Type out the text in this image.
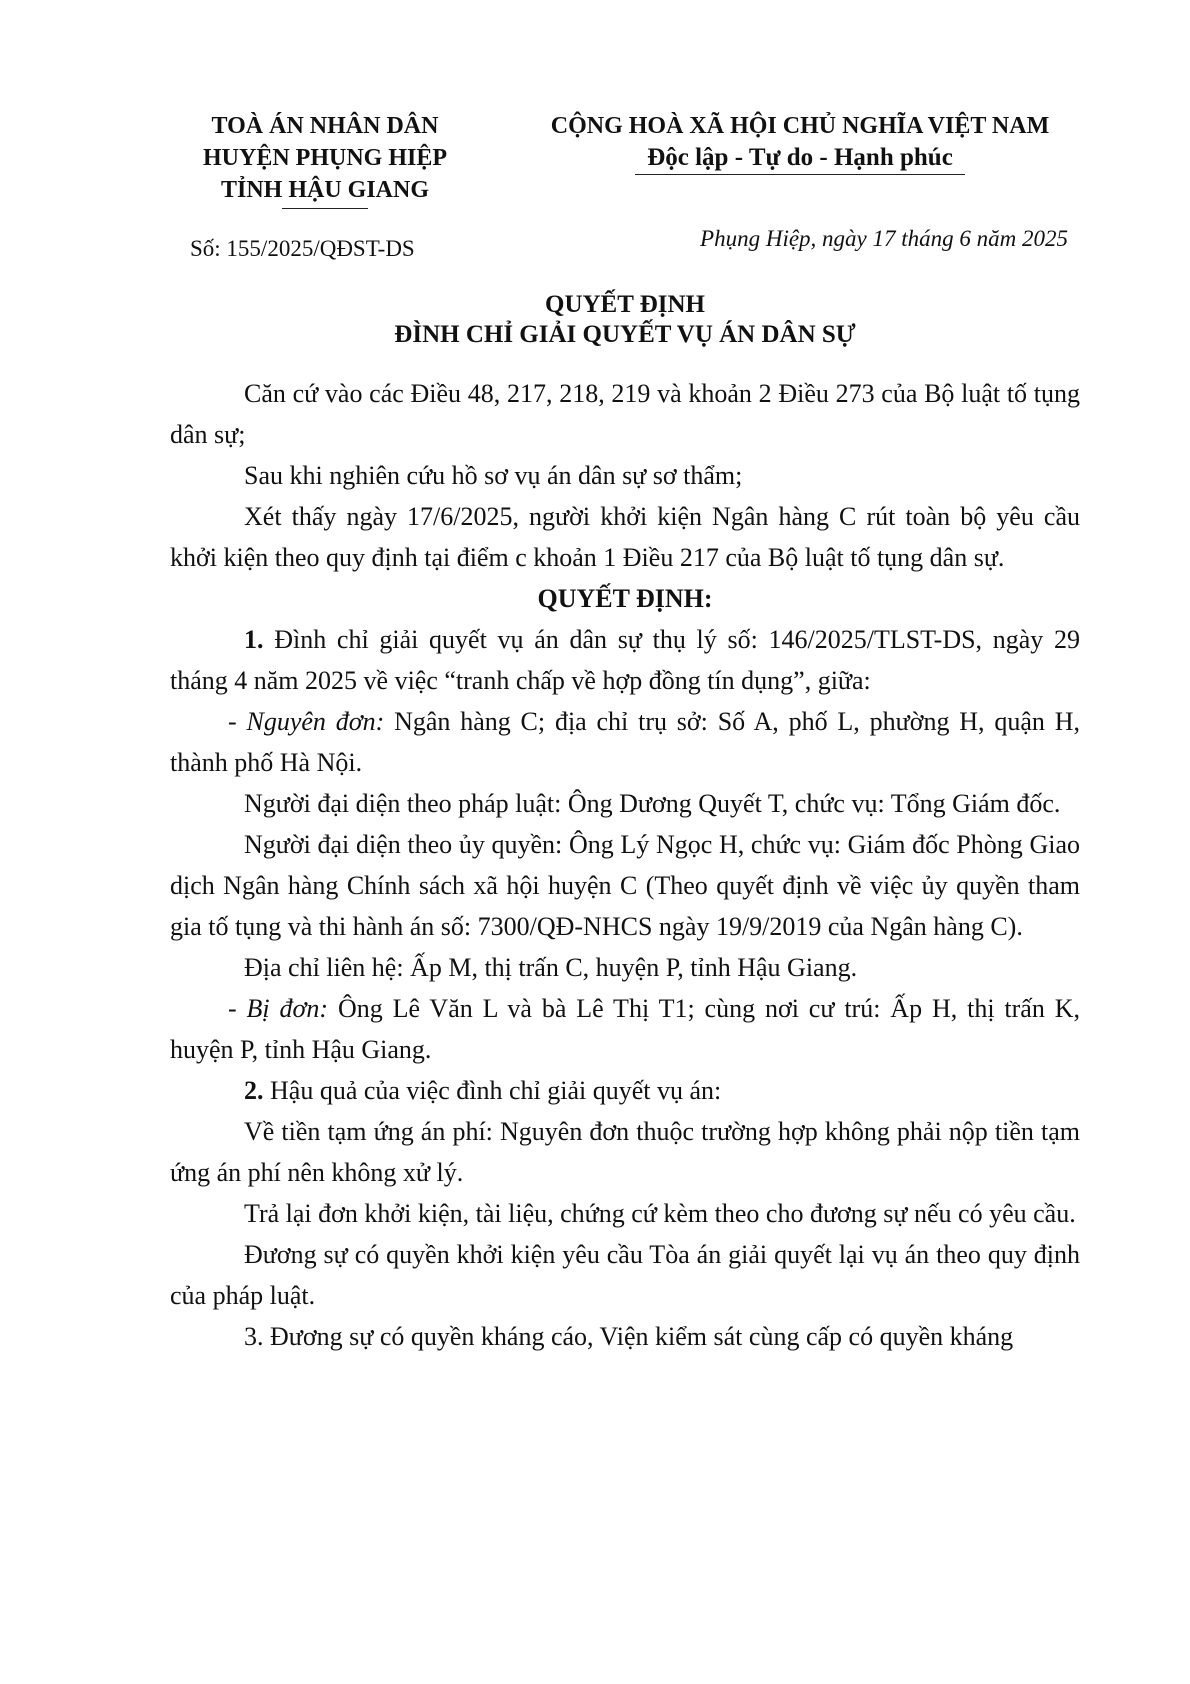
TOÀ ÁN NHÂN DÂN
HUYỆN PHỤNG HIỆP
TỈNH HẬU GIANG
CỘNG HOÀ XÃ HỘI CHỦ NGHĨA VIỆT NAM
Độc lập - Tự do - Hạnh phúc
Số: 155/2025/QĐST-DS	Phụng Hiệp, ngày 17 tháng 6 năm 2025
QUYẾT ĐỊNH
ĐÌNH CHỈ GIẢI QUYẾT VỤ ÁN DÂN SỰ

Căn cứ vào các Điều 48, 217, 218, 219 và khoản 2 Điều 273 của Bộ luật tố tụng dân sự;

Sau khi nghiên cứu hồ sơ vụ án dân sự sơ thẩm;

Xét thấy ngày 17/6/2025, người khởi kiện Ngân hàng C rút toàn bộ yêu cầu khởi kiện theo quy định tại điểm c khoản 1 Điều 217 của Bộ luật tố tụng dân sự.

QUYẾT ĐỊNH:

1. Đình chỉ giải quyết vụ án dân sự thụ lý số: 146/2025/TLST-DS, ngày 29 tháng 4 năm 2025 về việc “tranh chấp về hợp đồng tín dụng”, giữa:

- Nguyên đơn: Ngân hàng C; địa chỉ trụ sở: Số A, phố L, phường H, quận H, thành phố Hà Nội.

Người đại diện theo pháp luật: Ông Dương Quyết T, chức vụ: Tổng Giám đốc.

Người đại diện theo ủy quyền: Ông Lý Ngọc H, chức vụ: Giám đốc Phòng Giao dịch Ngân hàng Chính sách xã hội huyện C (Theo quyết định về việc ủy quyền tham gia tố tụng và thi hành án số: 7300/QĐ-NHCS ngày 19/9/2019 của Ngân hàng C).

Địa chỉ liên hệ: Ấp M, thị trấn C, huyện P, tỉnh Hậu Giang.

- Bị đơn: Ông Lê Văn L và bà Lê Thị T1; cùng nơi cư trú: Ấp H, thị trấn K, huyện P, tỉnh Hậu Giang.

2. Hậu quả của việc đình chỉ giải quyết vụ án:

Về tiền tạm ứng án phí: Nguyên đơn thuộc trường hợp không phải nộp tiền tạm ứng án phí nên không xử lý.

Trả lại đơn khởi kiện, tài liệu, chứng cứ kèm theo cho đương sự nếu có yêu cầu.

Đương sự có quyền khởi kiện yêu cầu Tòa án giải quyết lại vụ án theo quy định của pháp luật.

3. Đương sự có quyền kháng cáo, Viện kiểm sát cùng cấp có quyền kháng
